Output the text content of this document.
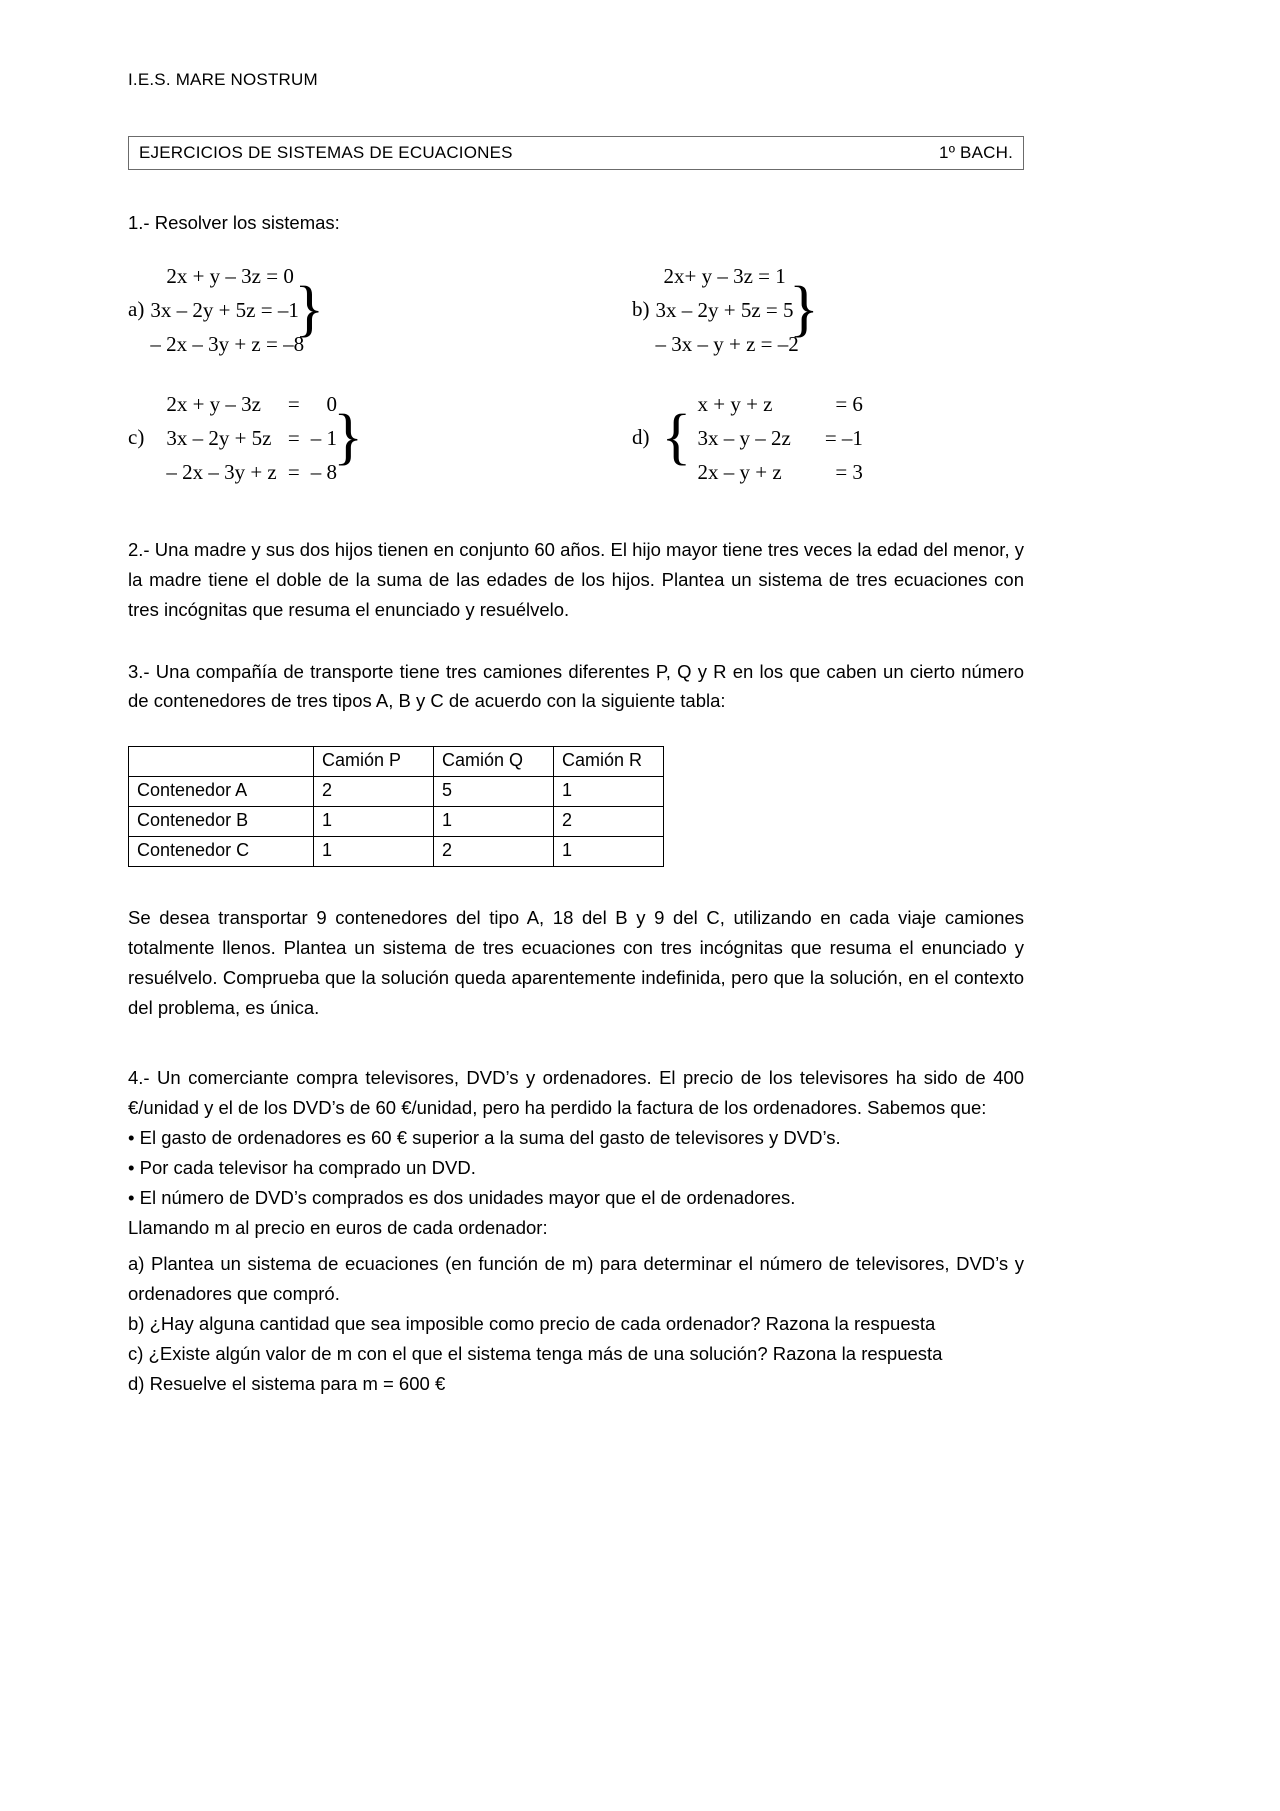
I.E.S. MARE NOSTRUM
EJERCICIOS DE SISTEMAS DE ECUACIONES	1º BACH.
1.- Resolver los sistemas:
a)
2x + y – 3z = 0
3x – 2y + 5z = –1
– 2x – 3y + z = –8
}	b)
2x+ y – 3z = 1
3x – 2y + 5z = 5
– 3x – y + z = –2
}
c)
2x + y – 3z	=	0
3x – 2y + 5z = – 1
– 2x – 3y + z = – 8
}	d)
x + y + z	= 6
3x – y – 2z = –1
2x – y + z	= 3
{

2.- Una madre y sus dos hijos tienen en conjunto 60 años. El hijo mayor tiene tres veces la edad del menor, y la madre tiene el doble de la suma de las edades de los hijos. Plantea un sistema de tres ecuaciones con tres incógnitas que resuma el enunciado y resuélvelo.

3.- Una compañía de transporte tiene tres camiones diferentes P, Q y R en los que caben un cierto número de contenedores de tres tipos A, B y C de acuerdo con la siguiente tabla:

	Camión P	Camión Q	Camión R
Contenedor A	2	5	1
Contenedor B	1	1	2
Contenedor C	1	2	1

Se desea transportar 9 contenedores del tipo A, 18 del B y 9 del C, utilizando en cada viaje camiones totalmente llenos. Plantea un sistema de tres ecuaciones con tres incógnitas que resuma el enunciado y resuélvelo. Comprueba que la solución queda aparentemente indefinida, pero que la solución, en el contexto del problema, es única.

4.- Un comerciante compra televisores, DVD’s y ordenadores. El precio de los televisores ha sido de 400 €/unidad y el de los DVD’s de 60 €/unidad, pero ha perdido la factura de los ordenadores. Sabemos que:

• El gasto de ordenadores es 60 € superior a la suma del gasto de televisores y DVD’s.

• Por cada televisor ha comprado un DVD.

• El número de DVD’s comprados es dos unidades mayor que el de ordenadores.

Llamando m al precio en euros de cada ordenador:

a) Plantea un sistema de ecuaciones (en función de m) para determinar el número de televisores, DVD’s y ordenadores que compró.

b) ¿Hay alguna cantidad que sea imposible como precio de cada ordenador? Razona la respuesta

c) ¿Existe algún valor de m con el que el sistema tenga más de una solución? Razona la respuesta

d) Resuelve el sistema para m = 600 €
